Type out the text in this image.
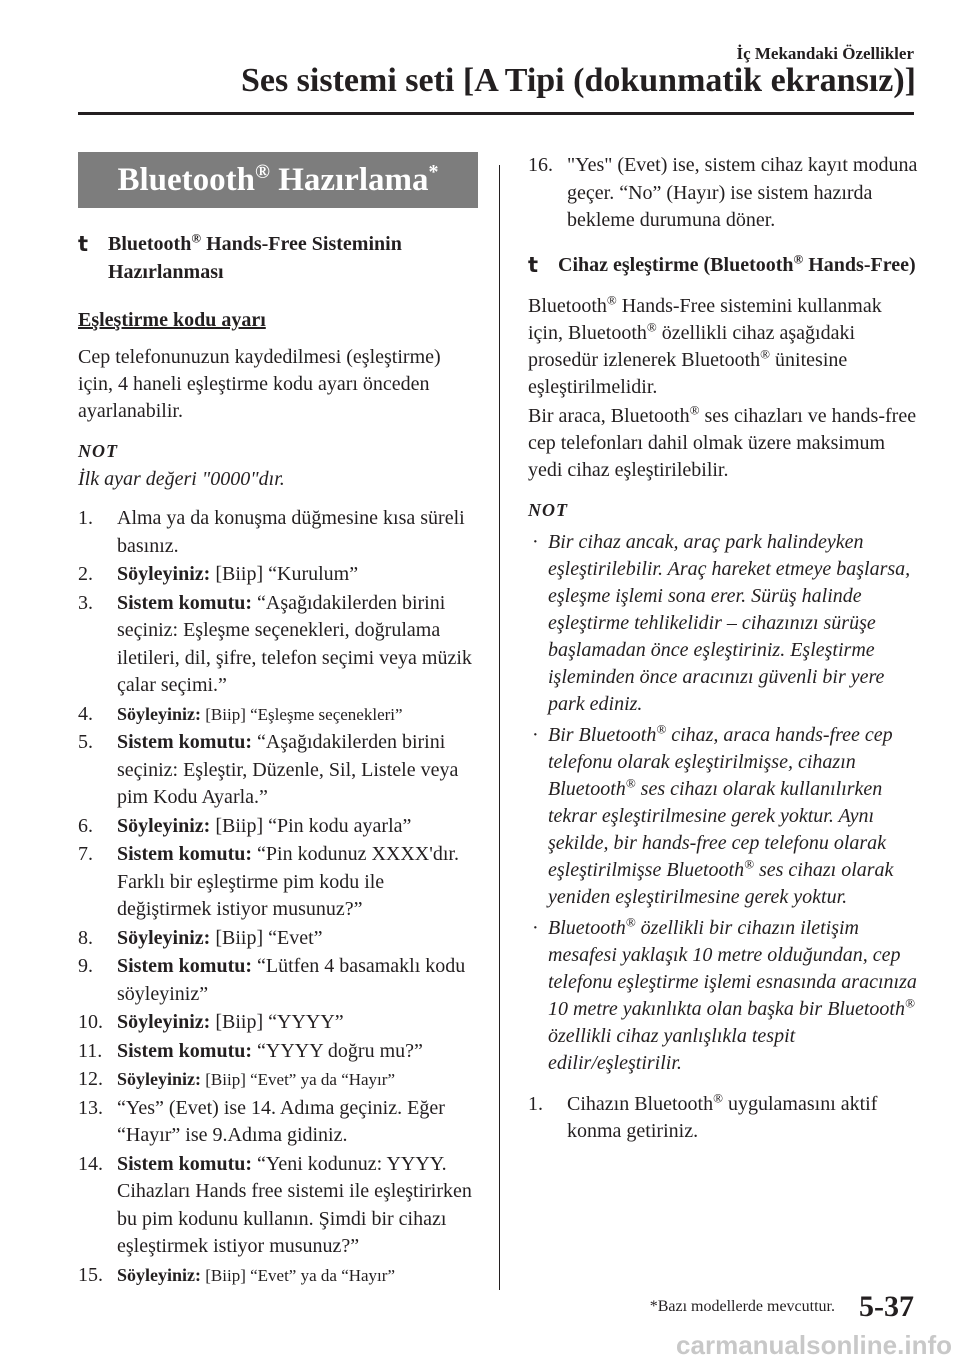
İç Mekandaki Özellikler
Ses sistemi seti [A Tipi (dokunmatik ekransız)]
Bluetooth® Hazırlama*
t Bluetooth® Hands-Free Sisteminin Hazırlanması
Eşleştirme kodu ayarı

Cep telefonunuzun kaydedilmesi (eşleştirme) için, 4 haneli eşleştirme kodu ayarı önceden ayarlanabilir.

NOT
İlk ayar değeri "0000"dır.
1. Alma ya da konuşma düğmesine kısa süreli basınız.
2. Söyleyiniz: [Biip] “Kurulum”
3. Sistem komutu: “Aşağıdakilerden birini seçiniz: Eşleşme seçenekleri, doğrulama iletileri, dil, şifre, telefon seçimi veya müzik çalar seçimi.”
4. Söyleyiniz: [Biip] “Eşleşme seçenekleri”
5. Sistem komutu: “Aşağıdakilerden birini seçiniz: Eşleştir, Düzenle, Sil, Listele veya pim Kodu Ayarla.”
6. Söyleyiniz: [Biip] “Pin kodu ayarla”
7. Sistem komutu: “Pin kodunuz XXXX'dır. Farklı bir eşleştirme pim kodu ile değiştirmek istiyor musunuz?”
8. Söyleyiniz: [Biip] “Evet”
9. Sistem komutu: “Lütfen 4 basamaklı kodu söyleyiniz”
10. Söyleyiniz: [Biip] “YYYY”
11. Sistem komutu: “YYYY doğru mu?”
12. Söyleyiniz: [Biip] “Evet” ya da “Hayır”
13. “Yes” (Evet) ise 14. Adıma geçiniz. Eğer “Hayır” ise 9.Adıma gidiniz.
14. Sistem komutu: “Yeni kodunuz: YYYY. Cihazları Hands free sistemi ile eşleştirirken bu pim kodunu kullanın. Şimdi bir cihazı eşleştirmek istiyor musunuz?”
15. Söyleyiniz: [Biip] “Evet” ya da “Hayır”
16. "Yes" (Evet) ise, sistem cihaz kayıt moduna geçer. “No” (Hayır) ise sistem hazırda bekleme durumuna döner.
t Cihaz eşleştirme (Bluetooth® Hands-Free)

Bluetooth® Hands-Free sistemini kullanmak için, Bluetooth® özellikli cihaz aşağıdaki prosedür izlenerek Bluetooth® ünitesine eşleştirilmelidir.

Bir araca, Bluetooth® ses cihazları ve hands-free cep telefonları dahil olmak üzere maksimum yedi cihaz eşleştirilebilir.

NOT
· Bir cihaz ancak, araç park halindeyken eşleştirilebilir. Araç hareket etmeye başlarsa, eşleşme işlemi sona erer. Sürüş halinde eşleştirme tehlikelidir – cihazınızı sürüşe başlamadan önce eşleştiriniz. Eşleştirme işleminden önce aracınızı güvenli bir yere park ediniz.
· Bir Bluetooth® cihaz, araca hands-free cep telefonu olarak eşleştirilmişse, cihazın Bluetooth® ses cihazı olarak kullanılırken tekrar eşleştirilmesine gerek yoktur. Aynı şekilde, bir hands-free cep telefonu olarak eşleştirilmişse Bluetooth® ses cihazı olarak yeniden eşleştirilmesine gerek yoktur.
· Bluetooth® özellikli bir cihazın iletişim mesafesi yaklaşık 10 metre olduğundan, cep telefonu eşleştirme işlemi esnasında aracınıza 10 metre yakınlıkta olan başka bir Bluetooth® özellikli cihaz yanlışlıkla tespit edilir/eşleştirilir.
1. Cihazın Bluetooth® uygulamasını aktif konma getiriniz.
*Bazı modellerde mevcuttur. 5-37
carmanualsonline.info
